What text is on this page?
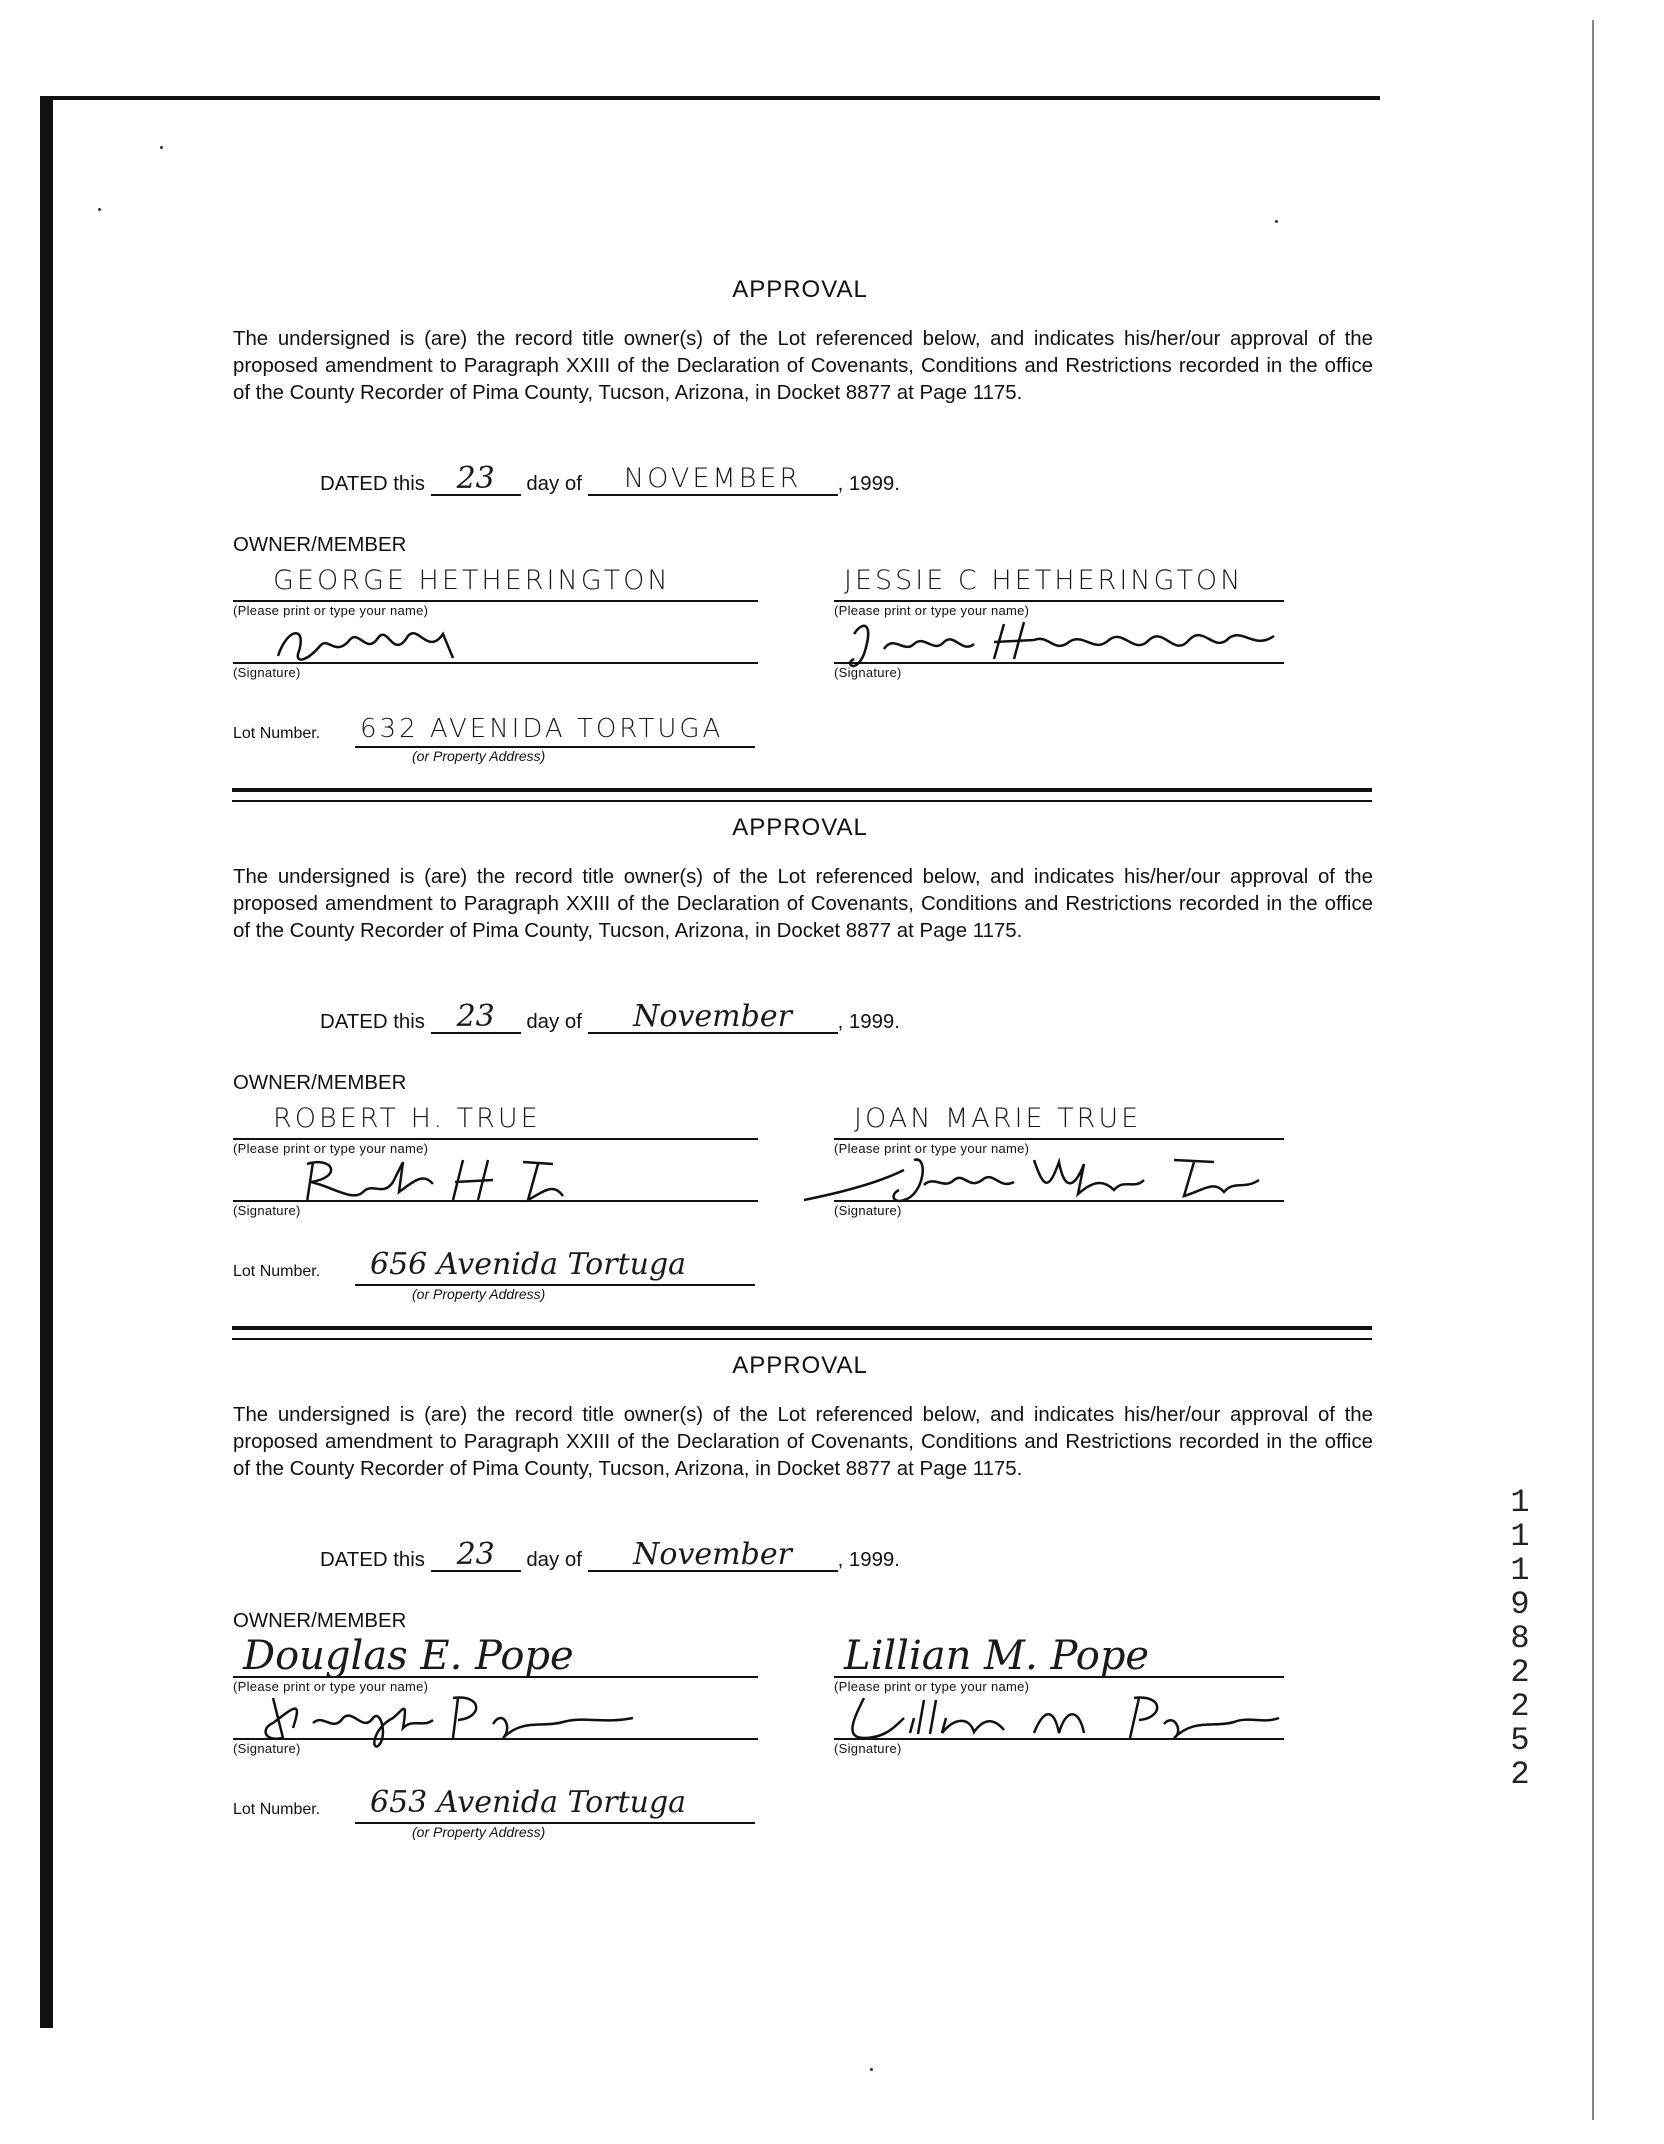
APPROVAL
The undersigned is (are) the record title owner(s) of the Lot referenced below, and indicates his/her/our approval of the proposed amendment to Paragraph XXIII of the Declaration of Covenants, Conditions and Restrictions recorded in the office of the County Recorder of Pima County, Tucson, Arizona, in Docket 8877 at Page 1175.
DATED this 23 day of NOVEMBER , 1999.
OWNER/MEMBER
GEORGE HETHERINGTON
(Please print or type your name)
(Signature)
JESSIE C HETHERINGTON
(Please print or type your name)
(Signature)
Lot Number. 632 AVENIDA TORTUGA
(or Property Address)
APPROVAL
The undersigned is (are) the record title owner(s) of the Lot referenced below, and indicates his/her/our approval of the proposed amendment to Paragraph XXIII of the Declaration of Covenants, Conditions and Restrictions recorded in the office of the County Recorder of Pima County, Tucson, Arizona, in Docket 8877 at Page 1175.
DATED this 23 day of November , 1999.
OWNER/MEMBER
ROBERT H. TRUE
(Please print or type your name)
(Signature)
JOAN MARIE TRUE
(Please print or type your name)
(Signature)
Lot Number. 656 Avenida Tortuga
(or Property Address)
APPROVAL
The undersigned is (are) the record title owner(s) of the Lot referenced below, and indicates his/her/our approval of the proposed amendment to Paragraph XXIII of the Declaration of Covenants, Conditions and Restrictions recorded in the office of the County Recorder of Pima County, Tucson, Arizona, in Docket 8877 at Page 1175.
DATED this 23 day of November , 1999.
OWNER/MEMBER
Douglas E. Pope
(Please print or type your name)
(Signature)
Lillian M. Pope
(Please print or type your name)
(Signature)
Lot Number. 653 Avenida Tortuga
(or Property Address)
11198 2252
